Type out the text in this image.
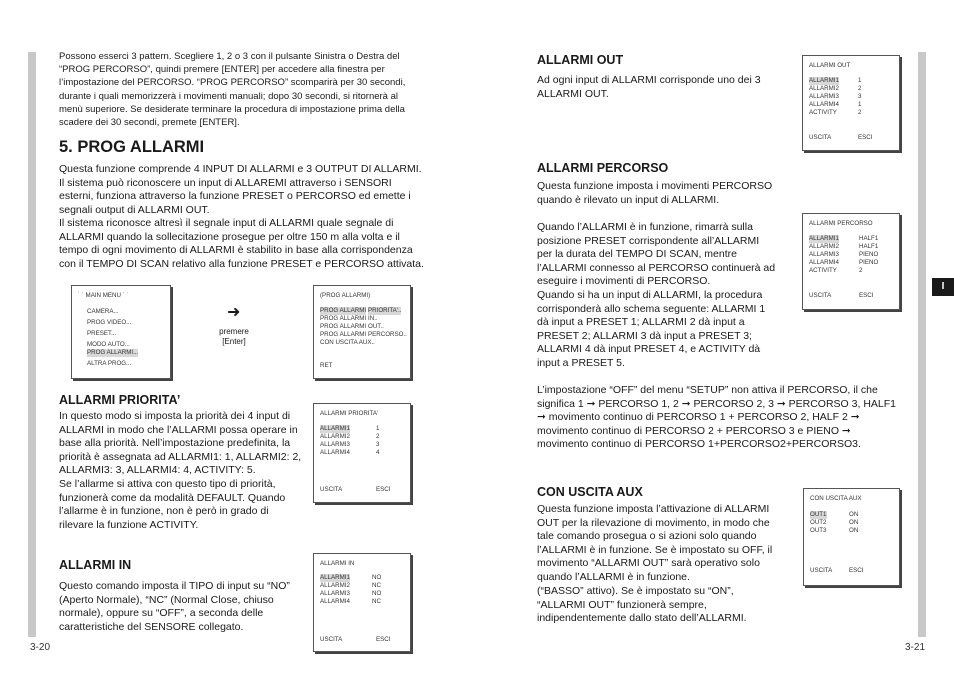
I

Possono esserci 3 pattern. Scegliere 1, 2 o 3 con il pulsante Sinistra o Destra del “PROG PERCORSO”, quindi premere [ENTER] per accedere alla finestra per l’impostazione del PERCORSO. “PROG PERCORSO” scomparirà per 30 secondi, durante i quali memorizzerà i movimenti manuali; dopo 30 secondi, si ritornerà al menù superiore. Se desiderate terminare la procedura di impostazione prima della scadere dei 30 secondi, premete [ENTER].

5. PROG ALLARMI

Questa funzione comprende 4 INPUT DI ALLARMI e 3 OUTPUT DI ALLARMI. Il sistema può riconoscere un input di ALLAREMI attraverso i SENSORI esterni, funziona attraverso la funzione PRESET o PERCORSO ed emette i segnali output di ALLARMI OUT.

Il sistema riconosce altresì il segnale input di ALLARMI quale segnale di ALLARMI quando la sollecitazione prosegue per oltre 150 m alla volta e il tempo di ogni movimento di ALLARMI è stabilito in base alla corrispondenza con il TEMPO DI SCAN relativo alla funzione PRESET e PERCORSO attivata.

˙ ˙ MAIN MENU ˙ ˙
CAMERA...
PROG VIDEO...
PRESET...
MODO AUTO...
PROG ALLARMI...
ALTRA PROG...
➜
premere
[Enter]
(PROG ALLARMI)
PROG ALLARMI PRIORITA'..
PROG ALLARMI IN..
PROG ALLARMI OUT..
PROG ALLARMI PERCORSO..
CON USCITA AUX..
RET
ALLARMI PRIORITA’

In questo modo si imposta la priorità dei 4 input di ALLARMI in modo che l’ALLARMI possa operare in base alla priorità. Nell’impostazione predefinita, la priorità è assegnata ad ALLARMI1: 1, ALLARMI2: 2, ALLARMI3: 3, ALLARMI4: 4, ACTIVITY: 5.

Se l’allarme si attiva con questo tipo di priorità, funzionerà come da modalità DEFAULT. Quando l’allarme è in funzione, non è però in grado di rilevare la funzione ACTIVITY.

ALLARMI PRIORITA'
ALLARMI1	1
ALLARMI2	2
ALLARMI3	3
ALLARMI4	4
USCITA	ESCI
ALLARMI IN

Questo comando imposta il TIPO di input su “NO” (Aperto Normale), “NC” (Normal Close, chiuso normale), oppure su “OFF”, a seconda delle caratteristiche del SENSORE collegato.

ALLARMI IN
ALLARMI1	NO
ALLARMI2	NC
ALLARMI3	NO
ALLARMI4	NC
USCITA	ESCI
3-20
ALLARMI OUT

Ad ogni input di ALLARMI corrisponde uno dei 3 ALLARMI OUT.

ALLARMI OUT
ALLARMI1	1
ALLARMI2	2
ALLARMI3	3
ALLARMI4	1
ACTIVITY	2
USCITA	ESCI
ALLARMI PERCORSO

Questa funzione imposta i movimenti PERCORSO quando è rilevato un input di ALLARMI.

Quando l’ALLARMI è in funzione, rimarrà sulla posizione PRESET corrispondente all’ALLARMI per la durata del TEMPO DI SCAN, mentre l’ALLARMI connesso al PERCORSO continuerà ad eseguire i movimenti di PERCORSO.

Quando si ha un input di ALLARMI, la procedura corrisponderà allo schema seguente: ALLARMI 1 dà input a PRESET 1; ALLARMI 2 dà input a PRESET 2; ALLARMI 3 dà input a PRESET 3; ALLARMI 4 dà input PRESET 4, e ACTIVITY dà input a PRESET 5.

L’impostazione “OFF” del menu “SETUP” non attiva il PERCORSO, il che significa 1 ➞ PERCORSO 1, 2 ➞ PERCORSO 2, 3 ➞ PERCORSO 3, HALF1 ➞ movimento continuo di PERCORSO 1 + PERCORSO 2, HALF 2 ➞ movimento continuo di PERCORSO 2 + PERCORSO 3 e PIENO ➞ movimento continuo di PERCORSO 1+PERCORSO2+PERCORSO3.

ALLARMI PERCORSO
ALLARMI1	HALF1
ALLARMI2	HALF1
ALLARMI3	PIENO
ALLARMI4	PIENO
ACTIVITY	2
USCITA	ESCI
CON USCITA AUX

Questa funzione imposta l’attivazione di ALLARMI OUT per la rilevazione di movimento, in modo che tale comando prosegua o si azioni solo quando l’ALLARMI è in funzione. Se è impostato su OFF, il movimento “ALLARMI OUT” sarà operativo solo quando l’ALLARMI è in funzione.

(“BASSO” attivo). Se è impostato su “ON”, “ALLARMI OUT” funzionerà sempre, indipendentemente dallo stato dell’ALLARMI.

CON USCITA AUX
OUT1	ON
OUT2	ON
OUT3	ON
USCITA	ESCI
3-21
